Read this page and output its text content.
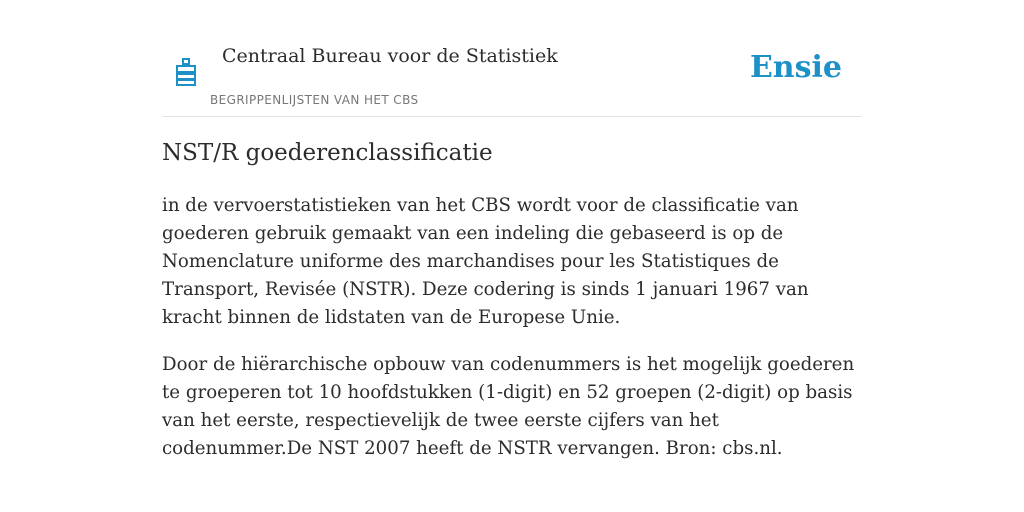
Centraal Bureau voor de Statistiek
BEGRIPPENLIJSTEN VAN HET CBS
Ensie
NST/R goederenclassificatie

in de vervoerstatistieken van het CBS wordt voor de classificatie van goederen gebruik gemaakt van een indeling die gebaseerd is op de Nomenclature uniforme des marchandises pour les Statistiques de Transport, Revisée (NSTR). Deze codering is sinds 1 januari 1967 van kracht binnen de lidstaten van de Europese Unie.

Door de hiërarchische opbouw van codenummers is het mogelijk goederen te groeperen tot 10 hoofdstukken (1-digit) en 52 groepen (2-digit) op basis van het eerste, respectievelijk de twee eerste cijfers van het codenummer.De NST 2007 heeft de NSTR vervangen. Bron: cbs.nl.
